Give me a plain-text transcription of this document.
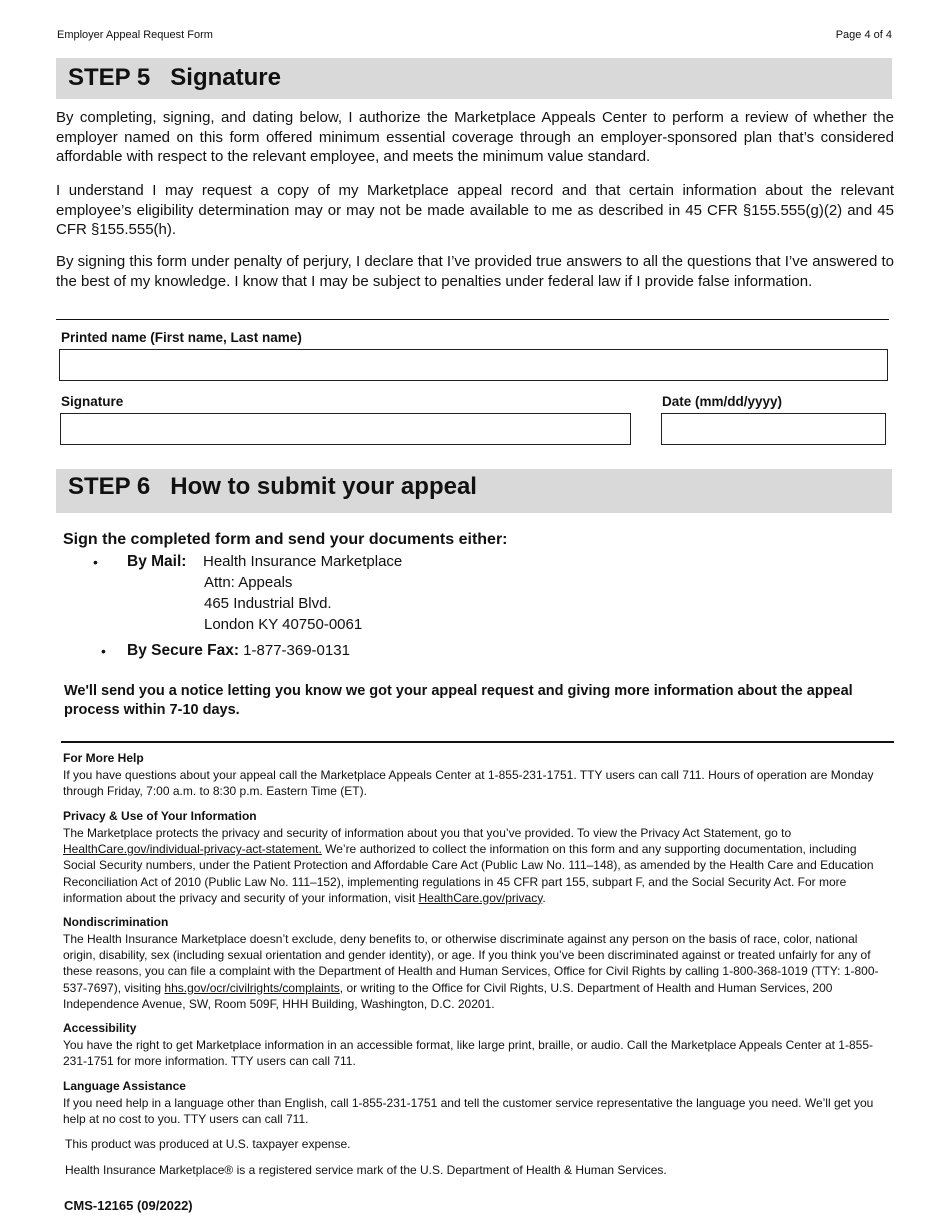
Employer Appeal Request Form	Page 4 of 4
STEP 5   Signature
By completing, signing, and dating below, I authorize the Marketplace Appeals Center to perform a review of whether the employer named on this form offered minimum essential coverage through an employer-sponsored plan that’s considered affordable with respect to the relevant employee, and meets the minimum value standard.
I understand I may request a copy of my Marketplace appeal record and that certain information about the relevant employee’s eligibility determination may or may not be made available to me as described in 45 CFR §155.555(g)(2) and 45 CFR §155.555(h).
By signing this form under penalty of perjury, I declare that I’ve provided true answers to all the questions that I’ve answered to the best of my knowledge. I know that I may be subject to penalties under federal law if I provide false information.
Printed name (First name, Last name)
Signature	Date (mm/dd/yyyy)
STEP 6   How to submit your appeal
Sign the completed form and send your documents either:
• By Mail: Health Insurance Marketplace
Attn: Appeals
465 Industrial Blvd.
London KY 40750-0061
• By Secure Fax: 1-877-369-0131
We'll send you a notice letting you know we got your appeal request and giving more information about the appeal process within 7-10 days.
For More Help
If you have questions about your appeal call the Marketplace Appeals Center at 1-855-231-1751. TTY users can call 711. Hours of operation are Monday through Friday, 7:00 a.m. to 8:30 p.m. Eastern Time (ET).
Privacy & Use of Your Information
The Marketplace protects the privacy and security of information about you that you’ve provided. To view the Privacy Act Statement, go to HealthCare.gov/individual-privacy-act-statement. We’re authorized to collect the information on this form and any supporting documentation, including Social Security numbers, under the Patient Protection and Affordable Care Act (Public Law No. 111–148), as amended by the Health Care and Education Reconciliation Act of 2010 (Public Law No. 111–152), implementing regulations in 45 CFR part 155, subpart F, and the Social Security Act. For more information about the privacy and security of your information, visit HealthCare.gov/privacy.
Nondiscrimination
The Health Insurance Marketplace doesn’t exclude, deny benefits to, or otherwise discriminate against any person on the basis of race, color, national origin, disability, sex (including sexual orientation and gender identity), or age. If you think you’ve been discriminated against or treated unfairly for any of these reasons, you can file a complaint with the Department of Health and Human Services, Office for Civil Rights by calling 1-800-368-1019 (TTY: 1-800- 537-7697), visiting hhs.gov/ocr/civilrights/complaints, or writing to the Office for Civil Rights, U.S. Department of Health and Human Services, 200 Independence Avenue, SW, Room 509F, HHH Building, Washington, D.C. 20201.
Accessibility
You have the right to get Marketplace information in an accessible format, like large print, braille, or audio. Call the Marketplace Appeals Center at 1-855-231-1751 for more information. TTY users can call 711.
Language Assistance
If you need help in a language other than English, call 1-855-231-1751 and tell the customer service representative the language you need. We’ll get you help at no cost to you. TTY users can call 711.
This product was produced at U.S. taxpayer expense.
Health Insurance Marketplace® is a registered service mark of the U.S. Department of Health & Human Services.
CMS-12165 (09/2022)
